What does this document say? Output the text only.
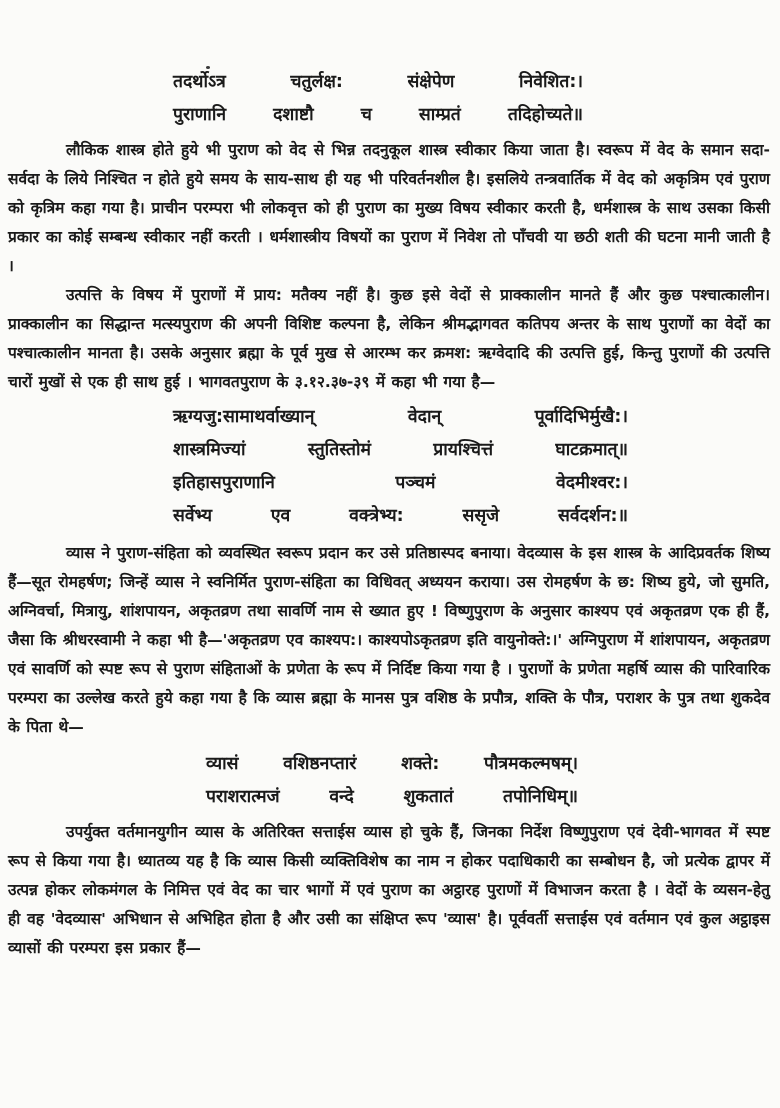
तदर्थोऽत्र चतुर्लक्ष: संक्षेपेण निवेशित:।
पुराणानि दशाष्टौ च साम्प्रतं तदिहोच्यते॥

लौकिक शास्त्र होते हुये भी पुराण को वेद से भिन्न तदनुकूल शास्त्र स्वीकार किया जाता है। स्वरूप में वेद के समान सदा-सर्वदा के लिये निश्चित न होते हुये समय के साय-साथ ही यह भी परिवर्तनशील है। इसलिये तन्त्रवार्तिक में वेद को अकृत्रिम एवं पुराण को कृत्रिम कहा गया है। प्राचीन परम्परा भी लोकवृत्त को ही पुराण का मुख्य विषय स्वीकार करती है, धर्मशास्त्र के साथ उसका किसी प्रकार का कोई सम्बन्ध स्वीकार नहीं करती । धर्मशास्त्रीय विषयों का पुराण में निवेश तो पाँचवी या छठी शती की घटना मानी जाती है ।

उत्पत्ति के विषय में पुराणों में प्राय: मतैक्य नहीं है। कुछ इसे वेदों से प्राक्कालीन मानते हैं और कुछ पश्चात्कालीन। प्राक्कालीन का सिद्धान्त मत्स्यपुराण की अपनी विशिष्ट कल्पना है, लेकिन श्रीमद्भागवत कतिपय अन्तर के साथ पुराणों का वेदों का पश्चात्कालीन मानता है। उसके अनुसार ब्रह्मा के पूर्व मुख से आरम्भ कर क्रमश: ऋग्वेदादि की उत्पत्ति हुई, किन्तु पुराणों की उत्पत्ति चारों मुखों से एक ही साथ हुई । भागवतपुराण के ३.१२.३७-३९ में कहा भी गया है—

ऋग्यजु:सामाथर्वाख्यान् वेदान् पूर्वादिभिर्मुखै:।
शास्त्रमिज्यां स्तुतिस्तोमं प्रायश्चित्तं घाटक्रमात्॥
इतिहासपुराणानि पञ्चमं वेदमीश्वर:।
सर्वेभ्य एव वक्त्रेभ्य: ससृजे सर्वदर्शन:॥

व्यास ने पुराण-संहिता को व्यवस्थित स्वरूप प्रदान कर उसे प्रतिष्ठास्पद बनाया। वेदव्यास के इस शास्त्र के आदिप्रवर्तक शिष्य हैं—सूत रोमहर्षण; जिन्हें व्यास ने स्वनिर्मित पुराण-संहिता का विधिवत् अध्ययन कराया। उस रोमहर्षण के छ: शिष्य हुये, जो सुमति, अग्निवर्चा, मित्रायु, शांशपायन, अकृतव्रण तथा सावर्णि नाम से ख्यात हुए ! विष्णुपुराण के अनुसार काश्यप एवं अकृतव्रण एक ही हैं, जैसा कि श्रीधरस्वामी ने कहा भी है—'अकृतव्रण एव काश्यप:। काश्यपोऽकृतव्रण इति वायुनोक्ते:।' अग्निपुराण में शांशपायन, अकृतव्रण एवं सावर्णि को स्पष्ट रूप से पुराण संहिताओं के प्रणेता के रूप में निर्दिष्ट किया गया है । पुराणों के प्रणेता महर्षि व्यास की पारिवारिक परम्परा का उल्लेख करते हुये कहा गया है कि व्यास ब्रह्मा के मानस पुत्र वशिष्ठ के प्रपौत्र, शक्ति के पौत्र, पराशर के पुत्र तथा शुकदेव के पिता थे—

व्यासं वशिष्ठनप्तारं शक्ते: पौत्रमकल्मषम्।
पराशरात्मजं वन्दे शुकतातं तपोनिधिम्॥

उपर्युक्त वर्तमानयुगीन व्यास के अतिरिक्त सत्ताईस व्यास हो चुके हैं, जिनका निर्देश विष्णुपुराण एवं देवी-भागवत में स्पष्ट रूप से किया गया है। ध्यातव्य यह है कि व्यास किसी व्यक्तिविशेष का नाम न होकर पदाधिकारी का सम्बोधन है, जो प्रत्येक द्वापर में उत्पन्न होकर लोकमंगल के निमित्त एवं वेद का चार भागों में एवं पुराण का अट्ठारह पुराणों में विभाजन करता है । वेदों के व्यसन-हेतु ही वह 'वेदव्यास' अभिधान से अभिहित होता है और उसी का संक्षिप्त रूप 'व्यास' है। पूर्ववर्ती सत्ताईस एवं वर्तमान एवं कुल अट्ठाइस व्यासों की परम्परा इस प्रकार हैं—
